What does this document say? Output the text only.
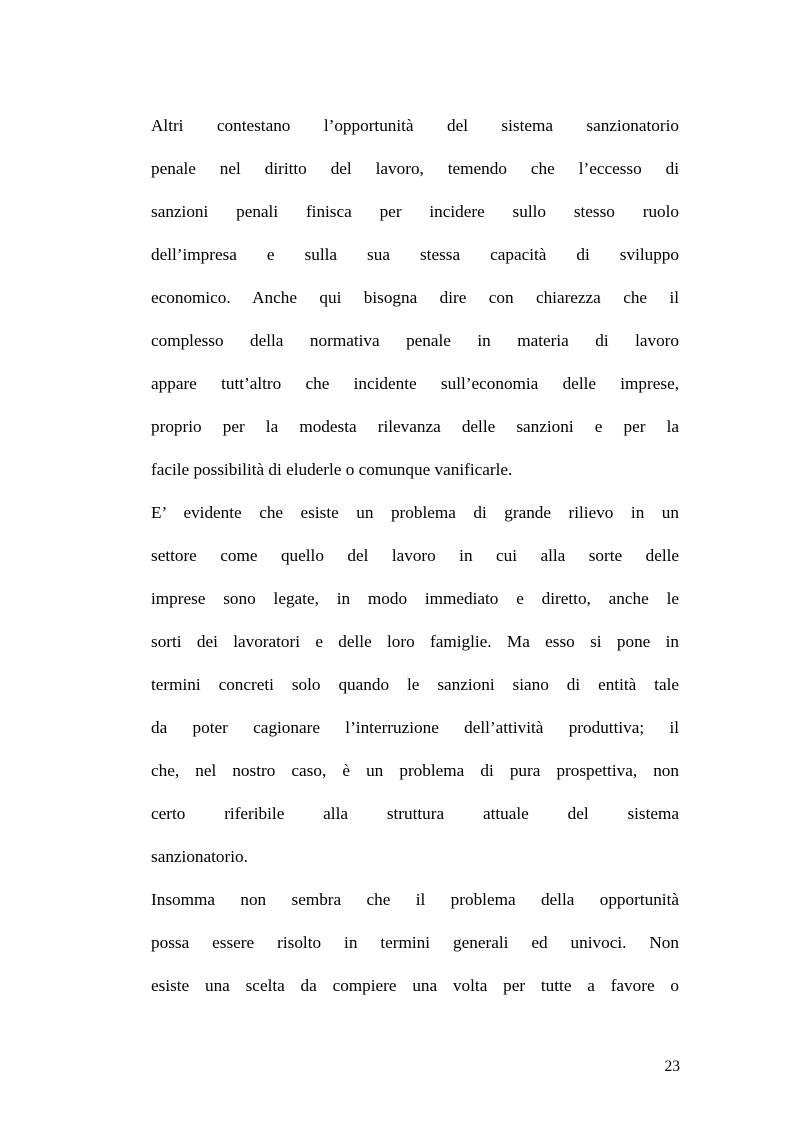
Altri contestano l’opportunità del sistema sanzionatorio
penale nel diritto del lavoro, temendo che l’eccesso di
sanzioni penali finisca per incidere sullo stesso ruolo
dell’impresa e sulla sua stessa capacità di sviluppo
economico. Anche qui bisogna dire con chiarezza che il
complesso della normativa penale in materia di lavoro
appare tutt’altro che incidente sull’economia delle imprese,
proprio per la modesta rilevanza delle sanzioni e per la
facile possibilità di eluderle o comunque vanificarle.
E’ evidente che esiste un problema di grande rilievo in un
settore come quello del lavoro in cui alla sorte delle
imprese sono legate, in modo immediato e diretto, anche le
sorti dei lavoratori e delle loro famiglie. Ma esso si pone in
termini concreti solo quando le sanzioni siano di entità tale
da poter cagionare l’interruzione dell’attività produttiva; il
che, nel nostro caso, è un problema di pura prospettiva, non
certo riferibile alla struttura attuale del sistema
sanzionatorio.
Insomma non sembra che il problema della opportunità
possa essere risolto in termini generali ed univoci. Non
esiste una scelta da compiere una volta per tutte a favore o
23
